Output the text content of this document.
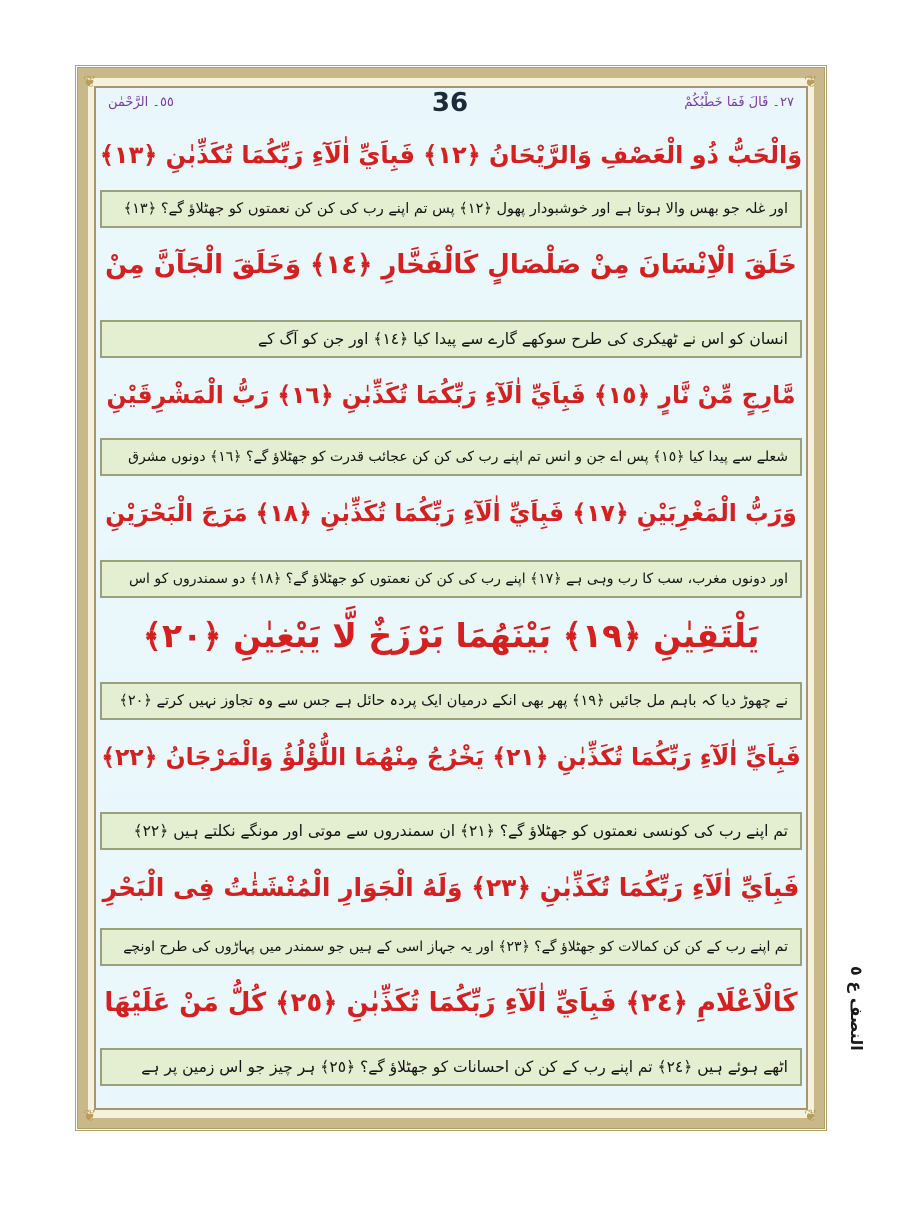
❦	❦
❦	❦
٥٥۔ الرَّحْمٰن	٢٧۔ قَالَ فَمَا خَطْبُكُمْ
36
وَالْحَبُّ ذُو الْعَصْفِ وَالرَّيْحَانُ ﴿١٢﴾ فَبِاَيِّ اٰلَآءِ رَبِّكُمَا تُكَذِّبٰنِ ﴿١٣﴾
اور غلہ جو بھس والا ہوتا ہے اور خوشبودار پھول ﴿١٢﴾ پس تم اپنے رب کی کن کن نعمتوں کو جھٹلاؤ گے؟ ﴿١٣﴾
خَلَقَ الْاِنْسَانَ مِنْ صَلْصَالٍ كَالْفَخَّارِ ﴿١٤﴾ وَخَلَقَ الْجَآنَّ مِنْ
انسان کو اس نے ٹھیکری کی طرح سوکھے گارے سے پیدا کیا ﴿١٤﴾ اور جن کو آگ کے
مَّارِجٍ مِّنْ نَّارٍ ﴿١٥﴾ فَبِاَيِّ اٰلَآءِ رَبِّكُمَا تُكَذِّبٰنِ ﴿١٦﴾ رَبُّ الْمَشْرِقَيْنِ
شعلے سے پیدا کیا ﴿١٥﴾ پس اے جن و انس تم اپنے رب کی کن کن عجائب قدرت کو جھٹلاؤ گے؟ ﴿١٦﴾ دونوں مشرق
وَرَبُّ الْمَغْرِبَيْنِ ﴿١٧﴾ فَبِاَيِّ اٰلَآءِ رَبِّكُمَا تُكَذِّبٰنِ ﴿١٨﴾ مَرَجَ الْبَحْرَيْنِ
اور دونوں مغرب، سب کا رب وہی ہے ﴿١٧﴾ اپنے رب کی کن کن نعمتوں کو جھٹلاؤ گے؟ ﴿١٨﴾ دو سمندروں کو اس
يَلْتَقِيٰنِ ﴿١٩﴾ بَيْنَهُمَا بَرْزَخٌ لَّا يَبْغِيٰنِ ﴿٢٠﴾
نے چھوڑ دیا کہ باہم مل جائیں ﴿١٩﴾ پھر بھی انکے درمیان ایک پردہ حائل ہے جس سے وہ تجاوز نہیں کرتے ﴿٢٠﴾
فَبِاَيِّ اٰلَآءِ رَبِّكُمَا تُكَذِّبٰنِ ﴿٢١﴾ يَخْرُجُ مِنْهُمَا اللُّؤْلُؤُ وَالْمَرْجَانُ ﴿٢٢﴾
تم اپنے رب کی کونسی نعمتوں کو جھٹلاؤ گے؟ ﴿٢١﴾ ان سمندروں سے موتی اور مونگے نکلتے ہیں ﴿٢٢﴾
فَبِاَيِّ اٰلَآءِ رَبِّكُمَا تُكَذِّبٰنِ ﴿٢٣﴾ وَلَهُ الْجَوَارِ الْمُنْشَئٰتُ فِى الْبَحْرِ
تم اپنے رب کے کن کن کمالات کو جھٹلاؤ گے؟ ﴿٢٣﴾ اور یہ جہاز اسی کے ہیں جو سمندر میں پہاڑوں کی طرح اونچے
كَالْاَعْلَامِ ﴿٢٤﴾ فَبِاَيِّ اٰلَآءِ رَبِّكُمَا تُكَذِّبٰنِ ﴿٢٥﴾ كُلُّ مَنْ عَلَيْهَا
اٹھے ہوئے ہیں ﴿٢٤﴾ تم اپنے رب کے کن کن احسانات کو جھٹلاؤ گے؟ ﴿٢٥﴾ ہر چیز جو اس زمین پر ہے
النصف ع ٥
